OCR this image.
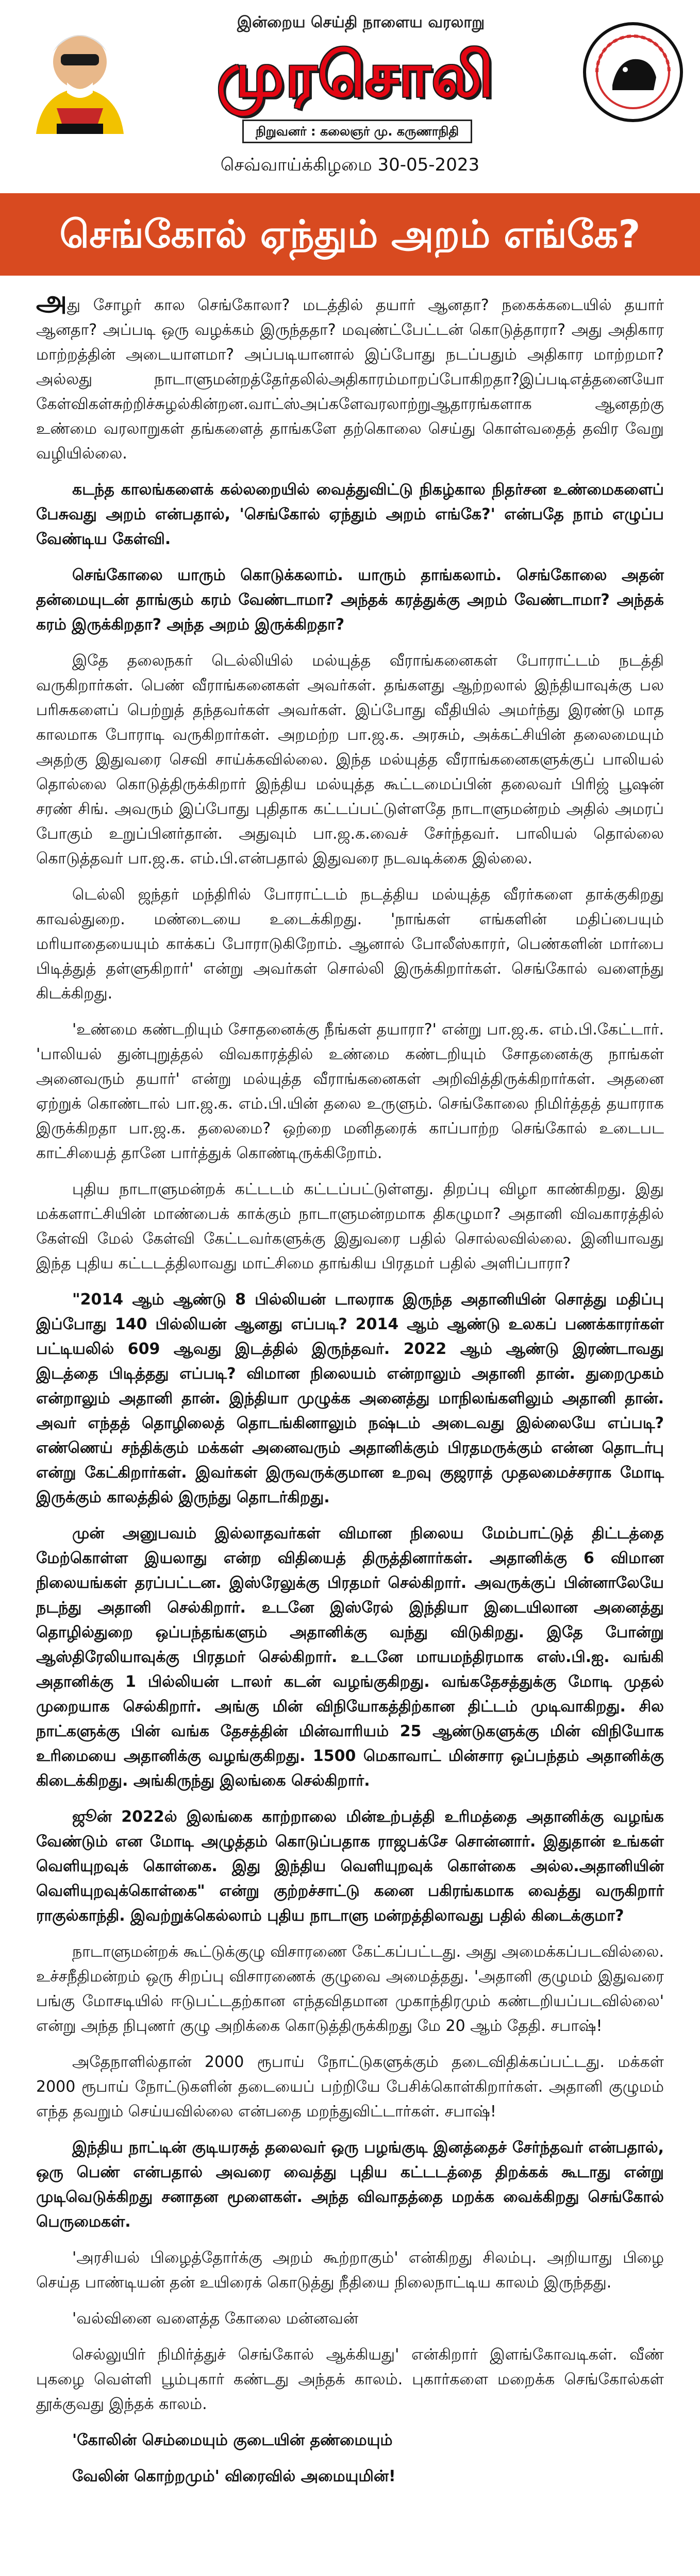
இன்றைய செய்தி நாளைய வரலாறு
முரசொலி
நிறுவனர் : கலைஞர் மு. கருணாநிதி
செவ்வாய்க்கிழமை 30-05-2023
செங்கோல் ஏந்தும் அறம் எங்கே?

அது சோழர் கால செங்கோலா? மடத்தில் தயார் ஆனதா? நகைக்கடையில் தயார் ஆனதா? அப்படி ஒரு வழக்கம் இருந்ததா? மவுண்ட்பேட்டன் கொடுத்தாரா? அது அதிகார மாற்றத்தின் அடையாளமா? அப்படியானால் இப்போது நடப்பதும் அதிகார மாற்றமா? அல்லது நாடாளுமன்றத்தேர்தலில்அதிகாரம்மாறப்போகிறதா?இப்படிஎத்தனையோ கேள்விகள்சுற்றிச்சுழல்கின்றன.வாட்ஸ்அப்களேவரலாற்றுஆதாரங்களாக ஆனதற்கு உண்மை வரலாறுகள் தங்களைத் தாங்களே தற்கொலை செய்து கொள்வதைத் தவிர வேறு வழியில்லை.

கடந்த காலங்களைக் கல்லறையில் வைத்துவிட்டு நிகழ்கால நிதர்சன உண்மைகளைப் பேசுவது அறம் என்பதால், 'செங்கோல் ஏந்தும் அறம் எங்கே?' என்பதே நாம் எழுப்ப வேண்டிய கேள்வி.

செங்கோலை யாரும் கொடுக்கலாம். யாரும் தாங்கலாம். செங்கோலை அதன் தன்மையுடன் தாங்கும் கரம் வேண்டாமா? அந்தக் கரத்துக்கு அறம் வேண்டாமா? அந்தக் கரம் இருக்கிறதா? அந்த அறம் இருக்கிறதா?

இதே தலைநகர் டெல்லியில் மல்யுத்த வீராங்கனைகள் போராட்டம் நடத்தி வருகிறார்கள். பெண் வீராங்கனைகள் அவர்கள். தங்களது ஆற்றலால் இந்தியாவுக்கு பல பரிசுகளைப் பெற்றுத் தந்தவர்கள் அவர்கள். இப்போது வீதியில் அமர்ந்து இரண்டு மாத காலமாக போராடி வருகிறார்கள். அறமற்ற பா.ஜ.க. அரசும், அக்கட்சியின் தலைமையும் அதற்கு இதுவரை செவி சாய்க்கவில்லை. இந்த மல்யுத்த வீராங்கனைகளுக்குப் பாலியல் தொல்லை கொடுத்திருக்கிறார் இந்திய மல்யுத்த கூட்டமைப்பின் தலைவர் பிரிஜ் பூஷன் சரண் சிங். அவரும் இப்போது புதிதாக கட்டப்பட்டுள்ளதே நாடாளுமன்றம் அதில் அமரப் போகும் உறுப்பினர்தான். அதுவும் பா.ஜ.க.வைச் சேர்ந்தவர். பாலியல் தொல்லை கொடுத்தவர் பா.ஜ.க. எம்.பி.என்பதால் இதுவரை நடவடிக்கை இல்லை.

டெல்லி ஜந்தர் மந்திரில் போராட்டம் நடத்திய மல்யுத்த வீரர்களை தாக்குகிறது காவல்துறை. மண்டையை உடைக்கிறது. 'நாங்கள் எங்களின் மதிப்பையும் மரியாதையையும் காக்கப் போராடுகிறோம். ஆனால் போலீஸ்காரர், பெண்களின் மார்பை பிடித்துத் தள்ளுகிறார்' என்று அவர்கள் சொல்லி இருக்கிறார்கள். செங்கோல் வளைந்து கிடக்கிறது.

'உண்மை கண்டறியும் சோதனைக்கு நீங்கள் தயாரா?' என்று பா.ஜ.க. எம்.பி.கேட்டார். 'பாலியல் துன்புறுத்தல் விவகாரத்தில் உண்மை கண்டறியும் சோதனைக்கு நாங்கள் அனைவரும் தயார்' என்று மல்யுத்த வீராங்கனைகள் அறிவித்திருக்கிறார்கள். அதனை ஏற்றுக் கொண்டால் பா.ஜ.க. எம்.பி.யின் தலை உருளும். செங்கோலை நிமிர்த்தத் தயாராக இருக்கிறதா பா.ஜ.க. தலைமை? ஒற்றை மனிதரைக் காப்பாற்ற செங்கோல் உடைபட காட்சியைத் தானே பார்த்துக் கொண்டிருக்கிறோம்.

புதிய நாடாளுமன்றக் கட்டடம் கட்டப்பட்டுள்ளது. திறப்பு விழா காண்கிறது. இது மக்களாட்சியின் மாண்பைக் காக்கும் நாடாளுமன்றமாக திகழுமா? அதானி விவகாரத்தில் கேள்வி மேல் கேள்வி கேட்டவர்களுக்கு இதுவரை பதில் சொல்லவில்லை. இனியாவது இந்த புதிய கட்டடத்திலாவது மாட்சிமை தாங்கிய பிரதமர் பதில் அளிப்பாரா?

"2014 ஆம் ஆண்டு 8 பில்லியன் டாலராக இருந்த அதானியின் சொத்து மதிப்பு இப்போது 140 பில்லியன் ஆனது எப்படி? 2014 ஆம் ஆண்டு உலகப் பணக்காரர்கள் பட்டியலில் 609 ஆவது இடத்தில் இருந்தவர். 2022 ஆம் ஆண்டு இரண்டாவது இடத்தை பிடித்தது எப்படி? விமான நிலையம் என்றாலும் அதானி தான். துறைமுகம் என்றாலும் அதானி தான். இந்தியா முழுக்க அனைத்து மாநிலங்களிலும் அதானி தான். அவர் எந்தத் தொழிலைத் தொடங்கினாலும் நஷ்டம் அடைவது இல்லையே எப்படி? எண்ணெய் சந்திக்கும் மக்கள் அனைவரும் அதானிக்கும் பிரதமருக்கும் என்ன தொடர்பு என்று கேட்கிறார்கள். இவர்கள் இருவருக்குமான உறவு குஜராத் முதலமைச்சராக மோடி இருக்கும் காலத்தில் இருந்து தொடர்கிறது.

முன் அனுபவம் இல்லாதவர்கள் விமான நிலைய மேம்பாட்டுத் திட்டத்தை மேற்கொள்ள இயலாது என்ற விதியைத் திருத்தினார்கள். அதானிக்கு 6 விமான நிலையங்கள் தரப்பட்டன. இஸ்ரேலுக்கு பிரதமர் செல்கிறார். அவருக்குப் பின்னாலேயே நடந்து அதானி செல்கிறார். உடனே இஸ்ரேல் இந்தியா இடையிலான அனைத்து தொழில்துறை ஒப்பந்தங்களும் அதானிக்கு வந்து விடுகிறது. இதே போன்று ஆஸ்திரேலியாவுக்கு பிரதமர் செல்கிறார். உடனே மாயமந்திரமாக எஸ்.பி.ஐ. வங்கி அதானிக்கு 1 பில்லியன் டாலர் கடன் வழங்குகிறது. வங்கதேசத்துக்கு மோடி முதல் முறையாக செல்கிறார். அங்கு மின் விநியோகத்திற்கான திட்டம் முடிவாகிறது. சில நாட்களுக்கு பின் வங்க தேசத்தின் மின்வாரியம் 25 ஆண்டுகளுக்கு மின் விநியோக உரிமையை அதானிக்கு வழங்குகிறது. 1500 மெகாவாட் மின்சார ஒப்பந்தம் அதானிக்கு கிடைக்கிறது. அங்கிருந்து இலங்கை செல்கிறார்.

ஜூன் 2022ல் இலங்கை காற்றாலை மின்உற்பத்தி உரிமத்தை அதானிக்கு வழங்க வேண்டும் என மோடி அழுத்தம் கொடுப்பதாக ராஜபக்சே சொன்னார். இதுதான் உங்கள் வெளியுறவுக் கொள்கை. இது இந்திய வெளியுறவுக் கொள்கை அல்ல.அதானியின் வெளியுறவுக்கொள்கை" என்று குற்றச்சாட்டு கனை பகிரங்கமாக வைத்து வருகிறார் ராகுல்காந்தி. இவற்றுக்கெல்லாம் புதிய நாடாளு மன்றத்திலாவது பதில் கிடைக்குமா?

நாடாளுமன்றக் கூட்டுக்குழு விசாரணை கேட்கப்பட்டது. அது அமைக்கப்படவில்லை. உச்சநீதிமன்றம் ஒரு சிறப்பு விசாரணைக் குழுவை அமைத்தது. 'அதானி குழுமம் இதுவரை பங்கு மோசடியில் ஈடுபட்டதற்கான எந்தவிதமான முகாந்திரமும் கண்டறியப்படவில்லை' என்று அந்த நிபுணர் குழு அறிக்கை கொடுத்திருக்கிறது மே 20 ஆம் தேதி. சபாஷ்!

அதேநாளில்தான் 2000 ரூபாய் நோட்டுகளுக்கும் தடைவிதிக்கப்பட்டது. மக்கள் 2000 ரூபாய் நோட்டுகளின் தடையைப் பற்றியே பேசிக்கொள்கிறார்கள். அதானி குழுமம் எந்த தவறும் செய்யவில்லை என்பதை மறந்துவிட்டார்கள். சபாஷ்!

இந்திய நாட்டின் குடியரசுத் தலைவர் ஒரு பழங்குடி இனத்தைச் சேர்ந்தவர் என்பதால், ஒரு பெண் என்பதால் அவரை வைத்து புதிய கட்டடத்தை திறக்கக் கூடாது என்று முடிவெடுக்கிறது சனாதன மூளைகள். அந்த விவாதத்தை மறக்க வைக்கிறது செங்கோல் பெருமைகள்.

'அரசியல் பிழைத்தோர்க்கு அறம் கூற்றாகும்' என்கிறது சிலம்பு. அறியாது பிழை செய்த பாண்டியன் தன் உயிரைக் கொடுத்து நீதியை நிலைநாட்டிய காலம் இருந்தது.

'வல்வினை வளைத்த கோலை மன்னவன்

செல்லுயிர் நிமிர்த்துச் செங்கோல் ஆக்கியது' என்கிறார் இளங்கோவடிகள். வீண் புகழை வெள்ளி பூம்புகார் கண்டது அந்தக் காலம். புகார்களை மறைக்க செங்கோல்கள் தூக்குவது இந்தக் காலம்.

'கோலின் செம்மையும் குடையின் தண்மையும்

வேலின் கொற்றமும்' விரைவில் அமையுமின்!
